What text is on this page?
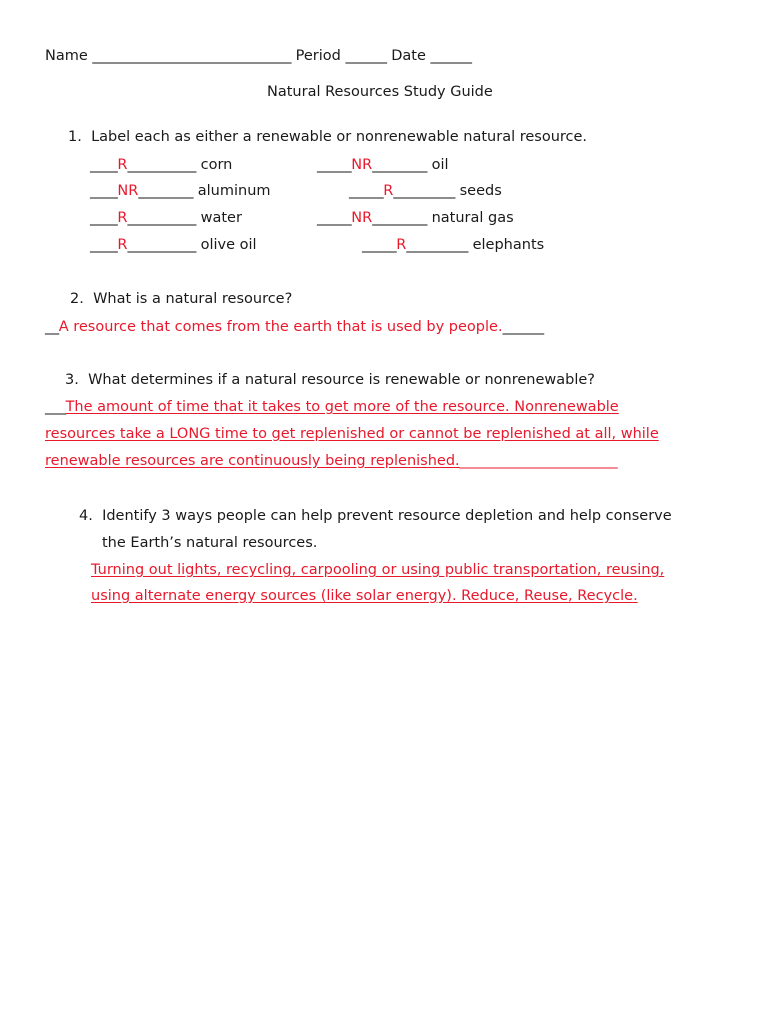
Name _____________________________ Period ______ Date ______
Natural Resources Study Guide
1. Label each as either a renewable or nonrenewable natural resource.
____R__________ corn	_____NR________ oil
____NR________ aluminum	_____R_________ seeds
____R__________ water	_____NR________ natural gas
____R__________ olive oil	_____R_________ elephants
2. What is a natural resource?
__A resource that comes from the earth that is used by people.______
3. What determines if a natural resource is renewable or nonrenewable?
___The amount of time that it takes to get more of the resource. Nonrenewable
resources take a LONG time to get replenished or cannot be replenished at all, while
renewable resources are continuously being replenished._______________________
4. Identify 3 ways people can help prevent resource depletion and help conserve
the Earth’s natural resources.
Turning out lights, recycling, carpooling or using public transportation, reusing,
using alternate energy sources (like solar energy). Reduce, Reuse, Recycle.
